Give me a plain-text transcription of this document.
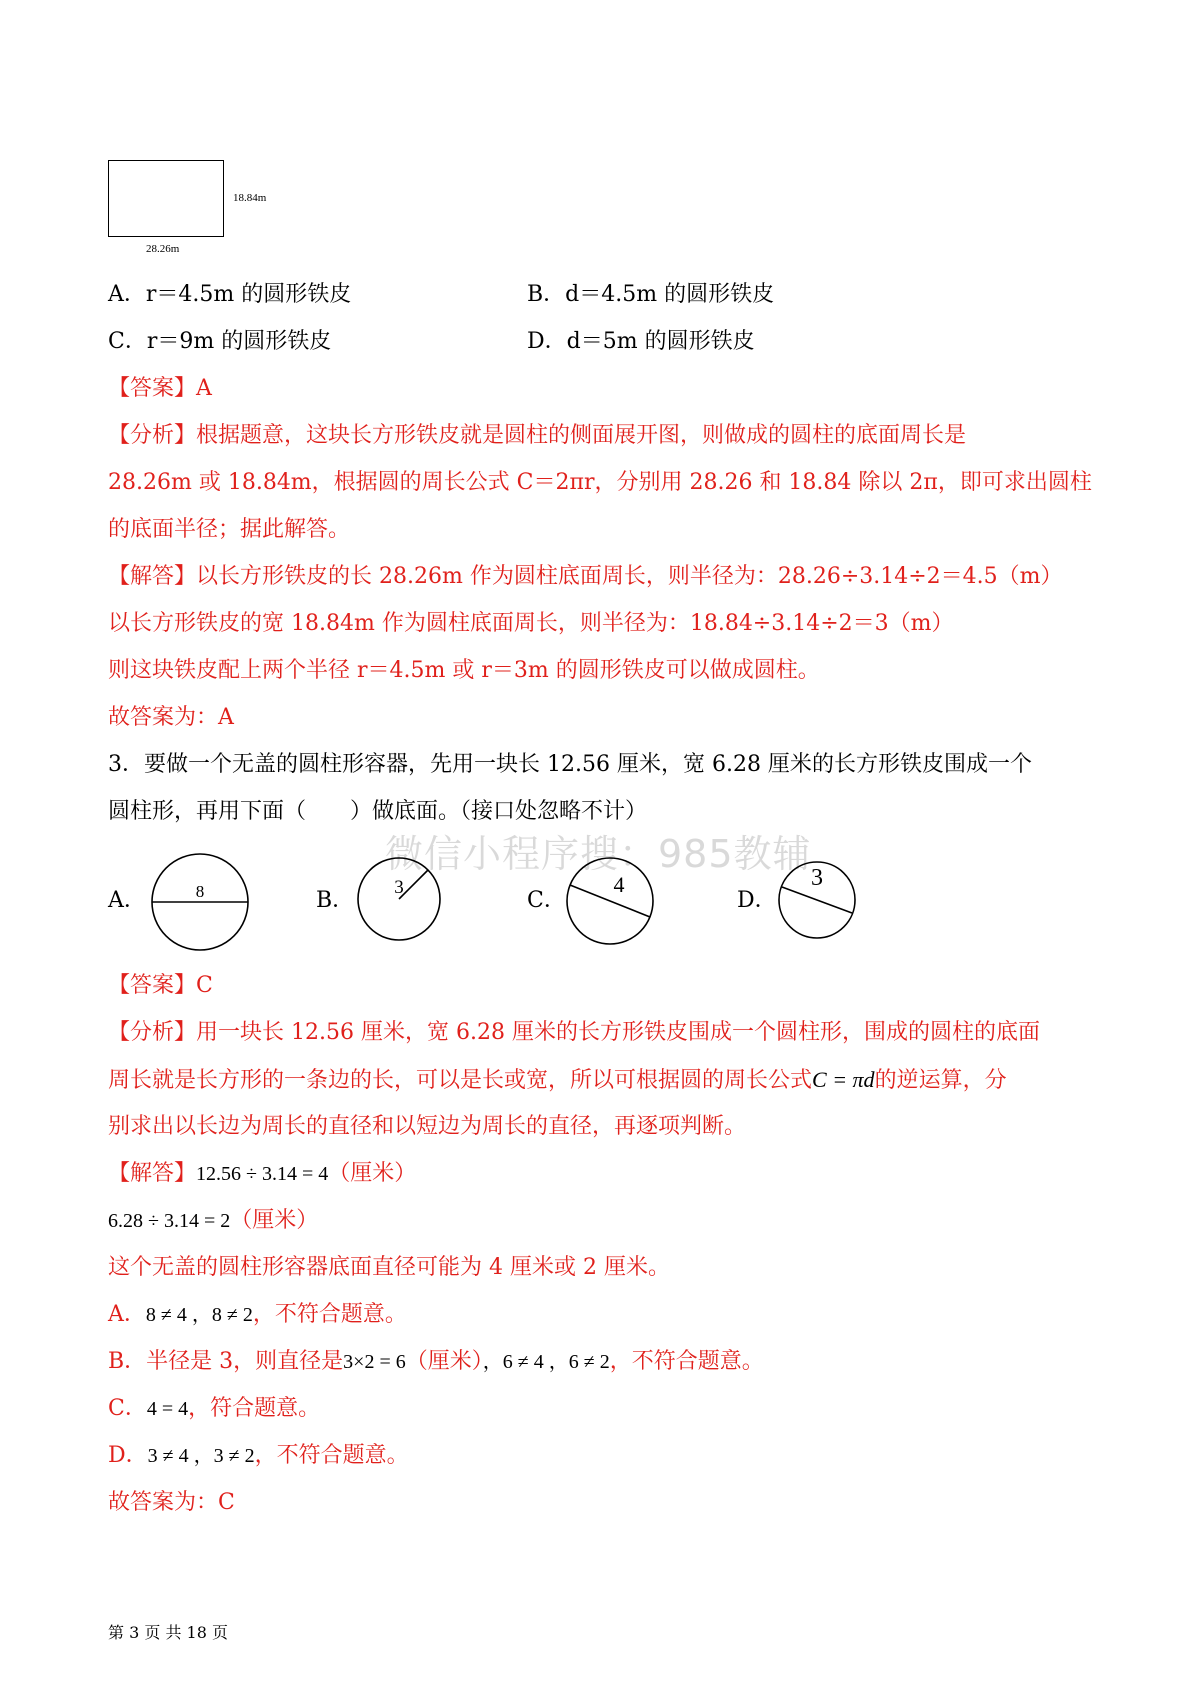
18.84m
28.26m
A．r＝4.5m 的圆形铁皮	B．d＝4.5m 的圆形铁皮
C．r＝9m 的圆形铁皮	D．d＝5m 的圆形铁皮
【答案】A
【分析】根据题意，这块长方形铁皮就是圆柱的侧面展开图，则做成的圆柱的底面周长是
28.26m 或 18.84m，根据圆的周长公式 C＝2πr，分别用 28.26 和 18.84 除以 2π，即可求出圆柱
的底面半径；据此解答。
【解答】以长方形铁皮的长 28.26m 作为圆柱底面周长，则半径为：28.26÷3.14÷2＝4.5（m）
以长方形铁皮的宽 18.84m 作为圆柱底面周长，则半径为：18.84÷3.14÷2＝3（m）
则这块铁皮配上两个半径 r＝4.5m 或 r＝3m 的圆形铁皮可以做成圆柱。
故答案为：A
3．要做一个无盖的圆柱形容器，先用一块长 12.56 厘米，宽 6.28 厘米的长方形铁皮围成一个
圆柱形，再用下面（　　）做底面。（接口处忽略不计）
微信小程序搜：985教辅
A．	8	B．
3
C．
4
D．
3
【答案】C
【分析】用一块长 12.56 厘米，宽 6.28 厘米的长方形铁皮围成一个圆柱形，围成的圆柱的底面
周长就是长方形的一条边的长，可以是长或宽，所以可根据圆的周长公式C = πd的逆运算，分
别求出以长边为周长的直径和以短边为周长的直径，再逐项判断。
【解答】12.56 ÷ 3.14 = 4（厘米）
6.28 ÷ 3.14 = 2（厘米）
这个无盖的圆柱形容器底面直径可能为 4 厘米或 2 厘米。
A．8 ≠ 4 ，8 ≠ 2，不符合题意。
B．半径是 3，则直径是3×2 = 6（厘米），6 ≠ 4 ，6 ≠ 2，不符合题意。
C．4 = 4，符合题意。
D．3 ≠ 4 ，3 ≠ 2，不符合题意。
故答案为：C
第 3 页 共 18 页
